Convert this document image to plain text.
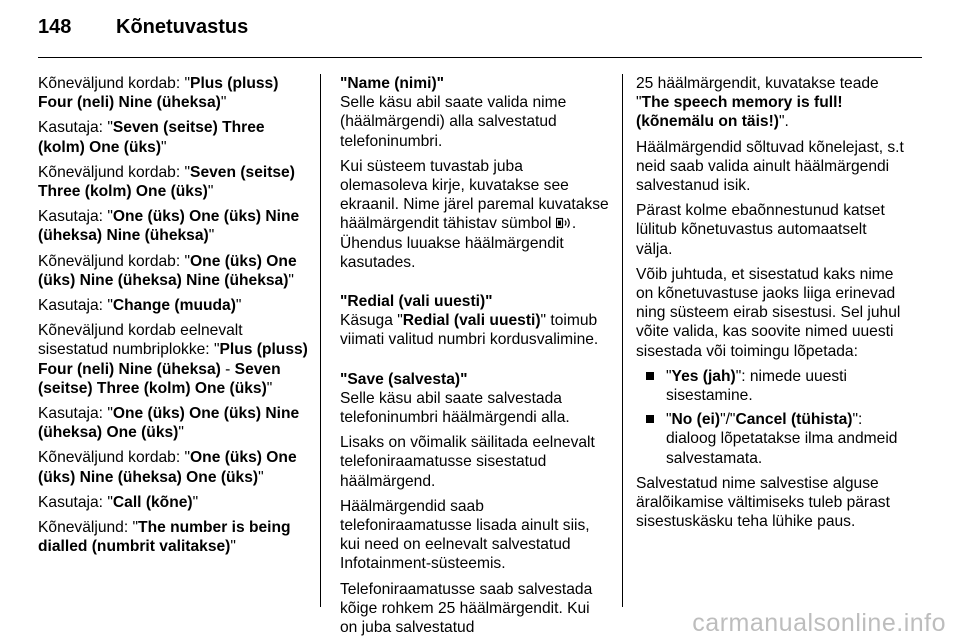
148	Kõnetuvastus

Kõneväljund kordab: "Plus (pluss) Four (neli) Nine (üheksa)"

Kasutaja: "Seven (seitse) Three (kolm) One (üks)"

Kõneväljund kordab: "Seven (seitse) Three (kolm) One (üks)"

Kasutaja: "One (üks) One (üks) Nine (üheksa) Nine (üheksa)"

Kõneväljund kordab: "One (üks) One (üks) Nine (üheksa) Nine (üheksa)"

Kasutaja: "Change (muuda)"

Kõneväljund kordab eelnevalt sisestatud numbriplokke: "Plus (pluss) Four (neli) Nine (üheksa) - Seven (seitse) Three (kolm) One (üks)"

Kasutaja: "One (üks) One (üks) Nine (üheksa) One (üks)"

Kõneväljund kordab: "One (üks) One (üks) Nine (üheksa) One (üks)"

Kasutaja: "Call (kõne)"

Kõneväljund: "The number is being dialled (numbrit valitakse)"

"Name (nimi)"

Selle käsu abil saate valida nime (häälmärgendi) alla salvestatud telefoninumbri.

Kui süsteem tuvastab juba olemasoleva kirje, kuvatakse see ekraanil. Nime järel paremal kuvatakse häälmärgendit tähistav sümbol . Ühendus luuakse häälmärgendit kasutades.

"Redial (vali uuesti)"

Käsuga "Redial (vali uuesti)" toimub viimati valitud numbri kordusvalimine.

"Save (salvesta)"

Selle käsu abil saate salvestada telefoninumbri häälmärgendi alla.

Lisaks on võimalik säilitada eelnevalt telefoniraamatusse sisestatud häälmärgend.

Häälmärgendid saab telefoniraamatusse lisada ainult siis, kui need on eelnevalt salvestatud Infotainment-süsteemis.

Telefoniraamatusse saab salvestada kõige rohkem 25 häälmärgendit. Kui on juba salvestatud

25 häälmärgendit, kuvatakse teade "The speech memory is full! (kõnemälu on täis!)".

Häälmärgendid sõltuvad kõnelejast, s.t neid saab valida ainult häälmärgendi salvestanud isik.

Pärast kolme ebaõnnestunud katset lülitub kõnetuvastus automaatselt välja.

Võib juhtuda, et sisestatud kaks nime on kõnetuvastuse jaoks liiga erinevad ning süsteem eirab sisestusi. Sel juhul võite valida, kas soovite nimed uuesti sisestada või toimingu lõpetada:

"Yes (jah)": nimede uuesti sisestamine.
"No (ei)"/"Cancel (tühista)": dialoog lõpetatakse ilma andmeid salvestamata.

Salvestatud nime salvestise alguse äralõikamise vältimiseks tuleb pärast sisestuskäsku teha lühike paus.

carmanualsonline.info
